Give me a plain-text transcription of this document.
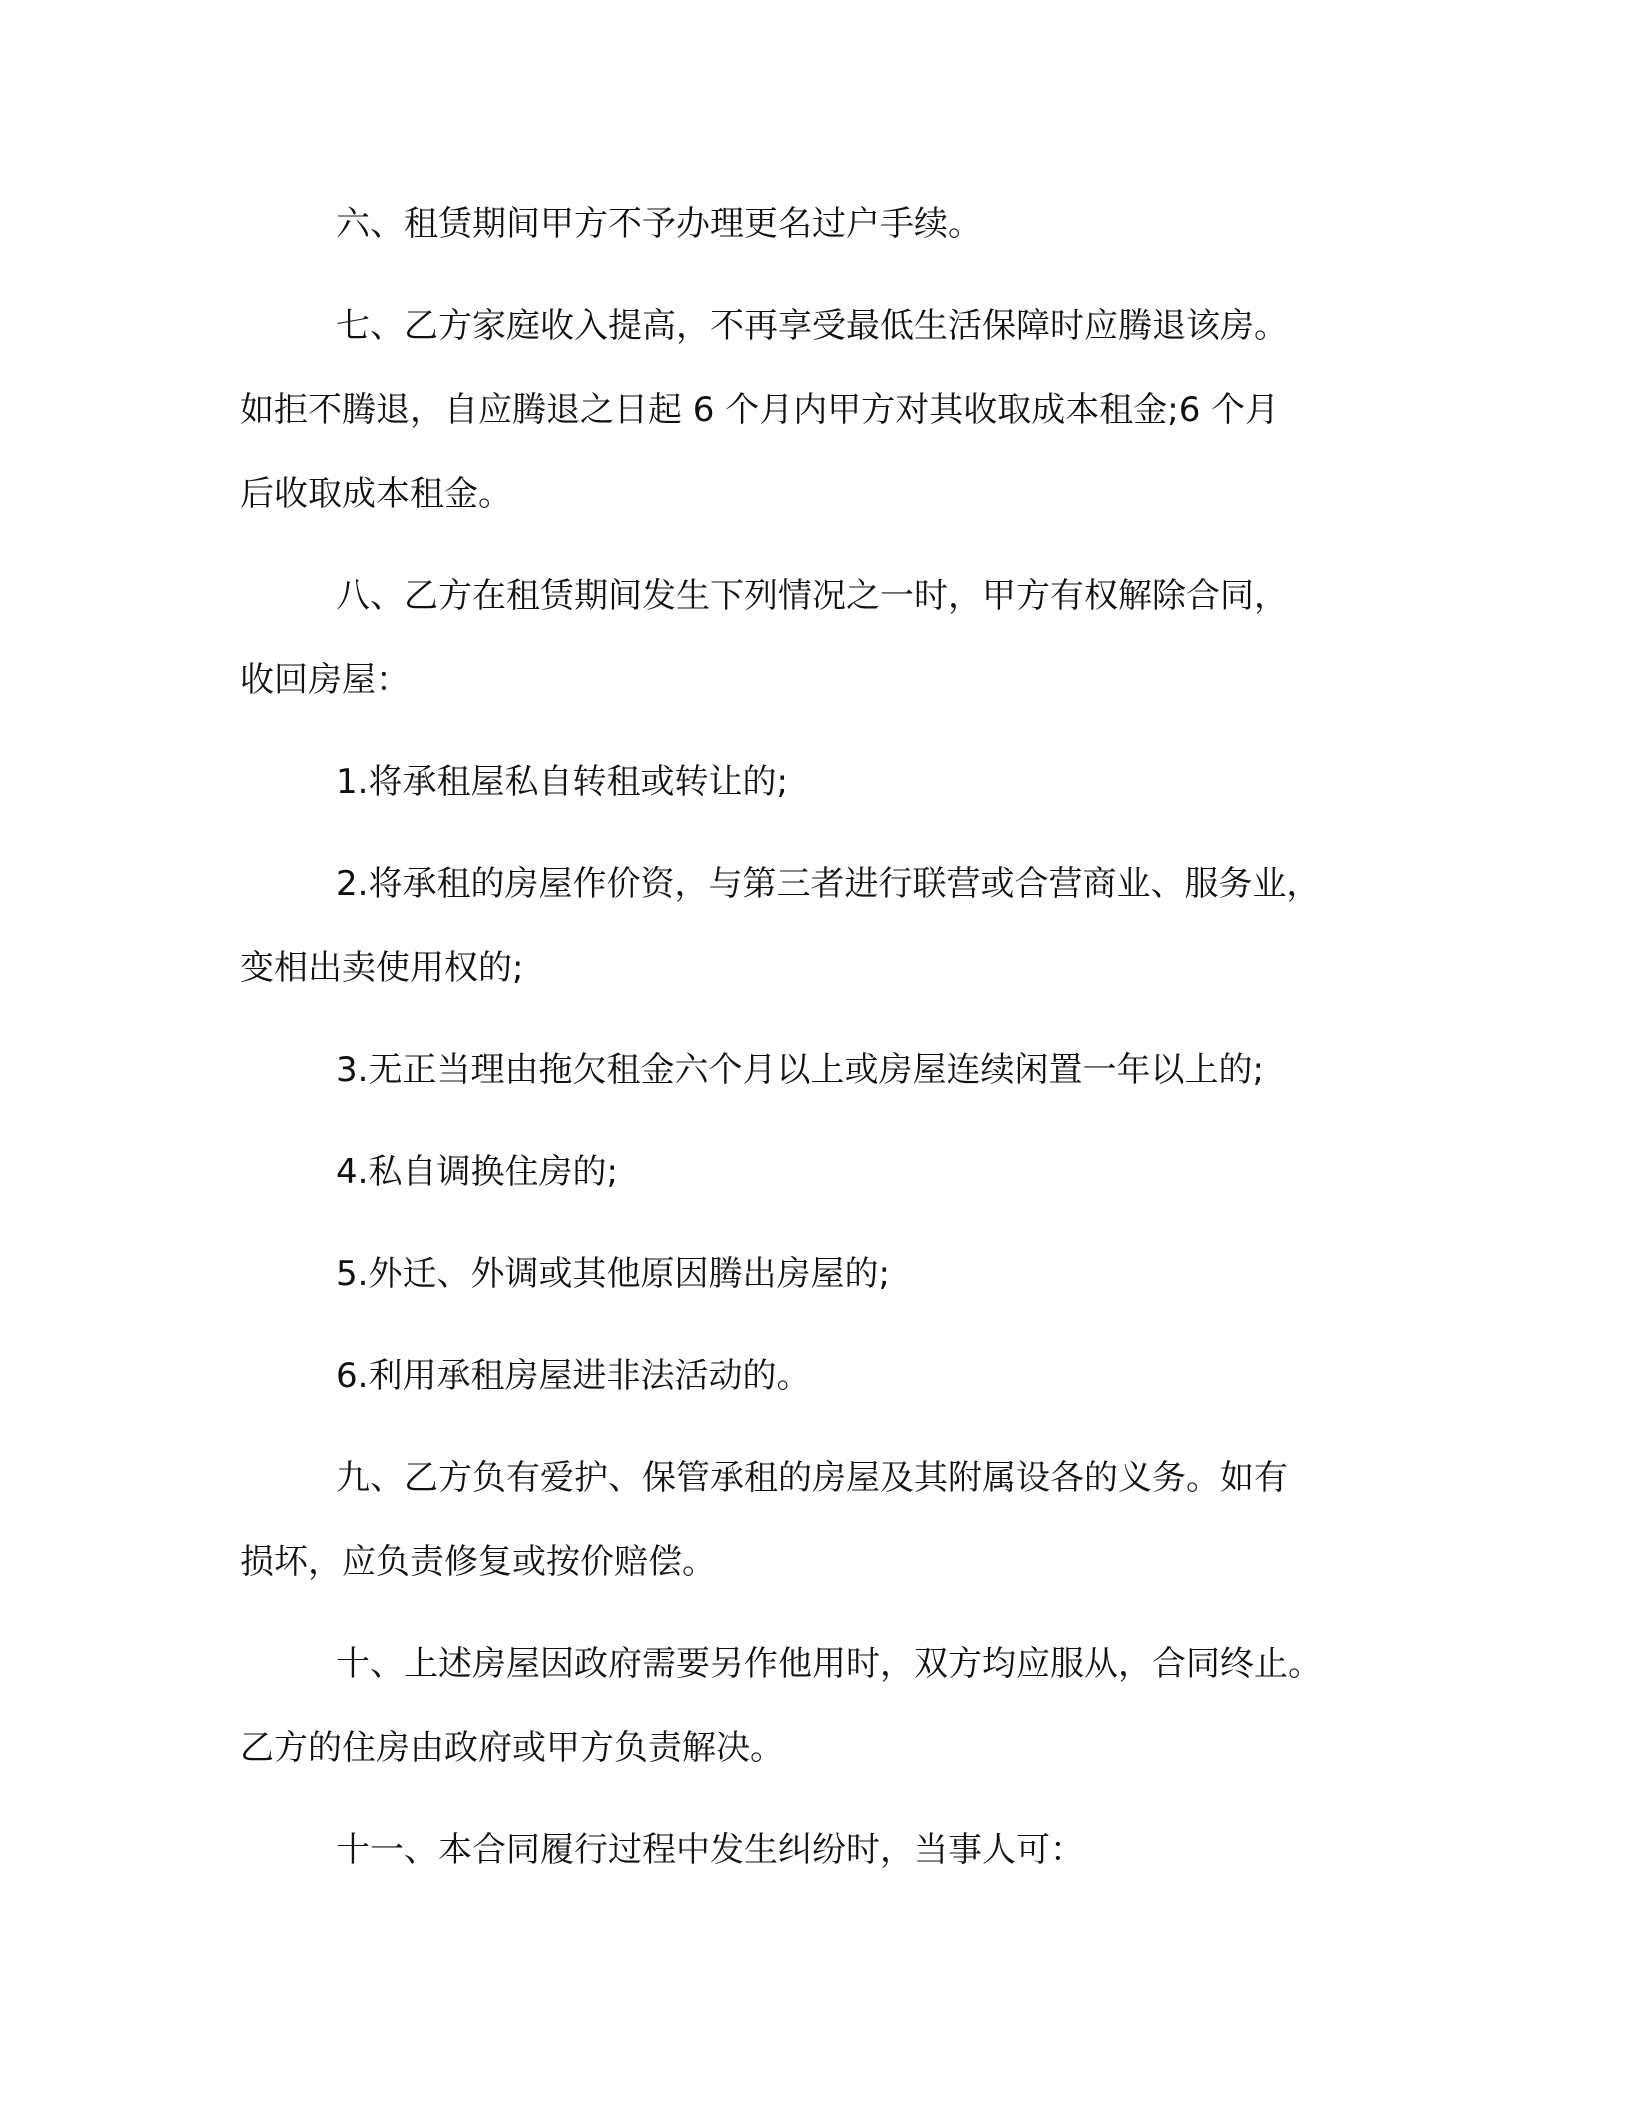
六、租赁期间甲方不予办理更名过户手续。
七、乙方家庭收入提高，不再享受最低生活保障时应腾退该房。
如拒不腾退，自应腾退之日起 6 个月内甲方对其收取成本租金;6 个月
后收取成本租金。
八、乙方在租赁期间发生下列情况之一时，甲方有权解除合同，
收回房屋：
1.将承租屋私自转租或转让的;
2.将承租的房屋作价资，与第三者进行联营或合营商业、服务业，
变相出卖使用权的;
3.无正当理由拖欠租金六个月以上或房屋连续闲置一年以上的;
4.私自调换住房的;
5.外迁、外调或其他原因腾出房屋的;
6.利用承租房屋进非法活动的。
九、乙方负有爱护、保管承租的房屋及其附属设各的义务。如有
损坏，应负责修复或按价赔偿。
十、上述房屋因政府需要另作他用时，双方均应服从，合同终止。
乙方的住房由政府或甲方负责解决。
十一、本合同履行过程中发生纠纷时，当事人可：
